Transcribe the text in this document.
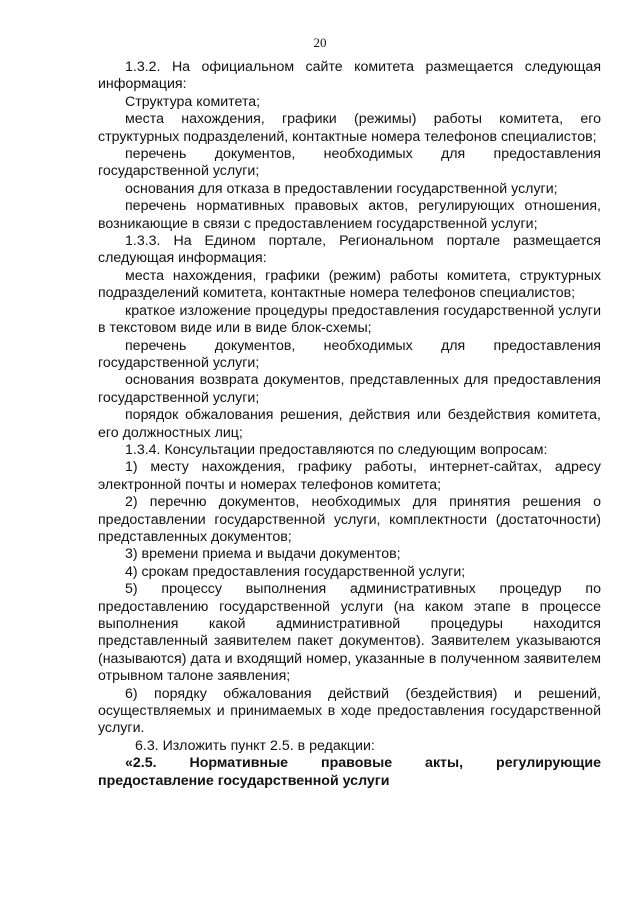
20

1.3.2. На официальном сайте комитета размещается следующая информация:

Структура комитета;

места нахождения, графики (режимы) работы комитета, его структурных подразделений, контактные номера телефонов специалистов;

перечень документов, необходимых для предоставления государственной услуги;

основания для отказа в предоставлении государственной услуги;

перечень нормативных правовых актов, регулирующих отношения, возникающие в связи с предоставлением государственной услуги;

1.3.3. На Едином портале, Региональном портале размещается следующая информация:

места нахождения, графики (режим) работы комитета, структурных подразделений комитета, контактные номера телефонов специалистов;

краткое изложение процедуры предоставления государственной услуги в текстовом виде или в виде блок-схемы;

перечень документов, необходимых для предоставления государственной услуги;

основания возврата документов, представленных для предоставления государственной услуги;

порядок обжалования решения, действия или бездействия комитета, его должностных лиц;

1.3.4. Консультации предоставляются по следующим вопросам:

1) месту нахождения, графику работы, интернет-сайтах, адресу электронной почты и номерах телефонов комитета;

2) перечню документов, необходимых для принятия решения о предоставлении государственной услуги, комплектности (достаточности) представленных документов;

3) времени приема и выдачи документов;

4) срокам предоставления государственной услуги;

5) процессу выполнения административных процедур по предоставлению государственной услуги (на каком этапе в процессе выполнения какой административной процедуры находится представленный заявителем пакет документов). Заявителем указываются (называются) дата и входящий номер, указанные в полученном заявителем отрывном талоне заявления;

6) порядку обжалования действий (бездействия) и решений, осуществляемых и принимаемых в ходе предоставления государственной услуги.

6.3. Изложить пункт 2.5. в редакции:

«2.5. Нормативные правовые акты, регулирующие предоставление государственной услуги
